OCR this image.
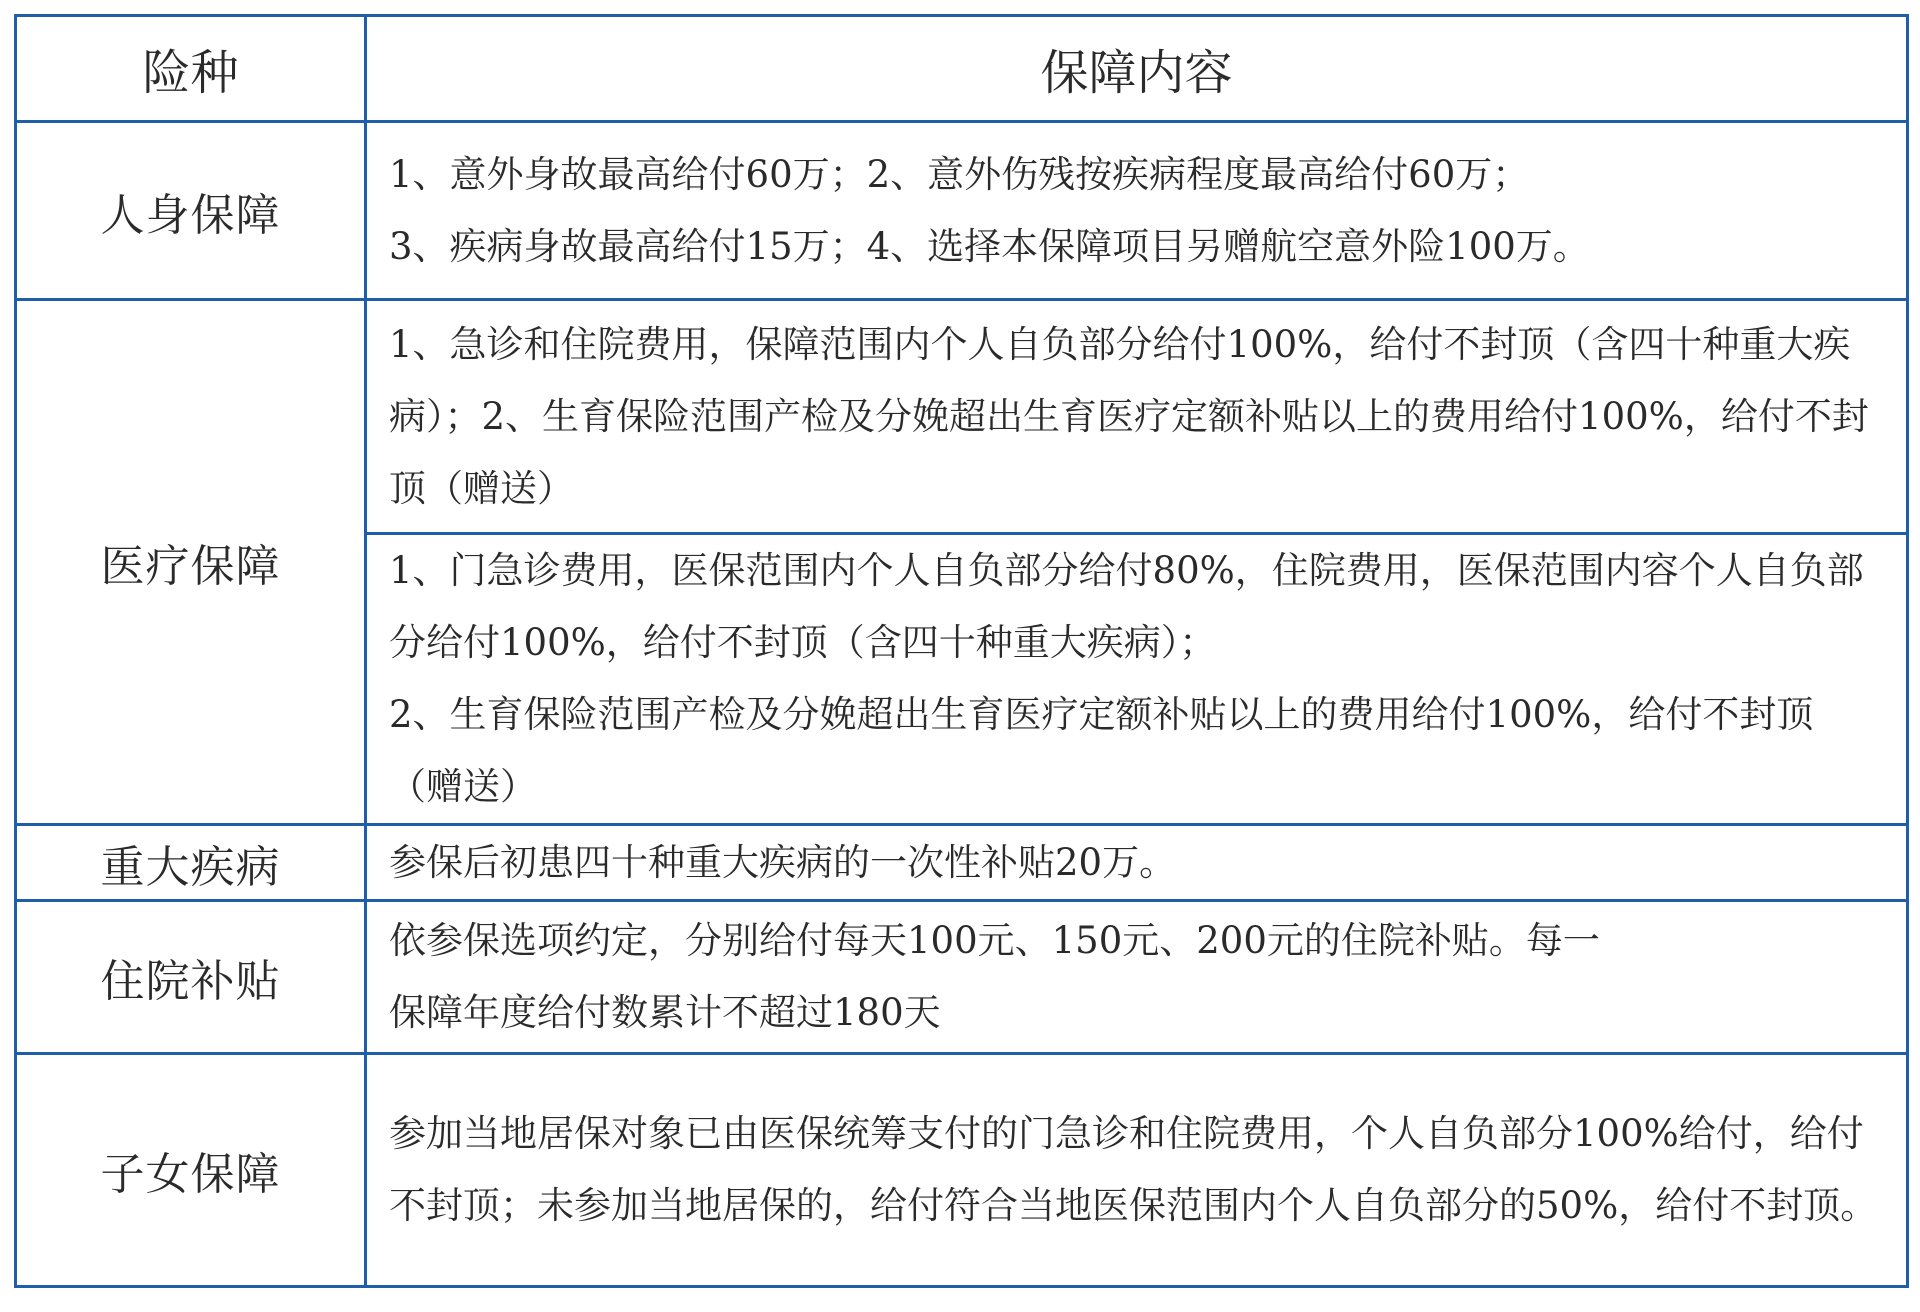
险种	保障内容
人身保障	1、意外身故最高给付60万；2、意外伤残按疾病程度最高给付60万；
3、疾病身故最高给付15万；4、选择本保障项目另赠航空意外险100万。

医疗保障	1、急诊和住院费用，保障范围内个人自负部分给付100%，给付不封顶（含四十种重大疾病）；2、生育保险范围产检及分娩超出生育医疗定额补贴以上的费用给付100%，给付不封顶（赠送）

	1、门急诊费用，医保范围内个人自负部分给付80%，住院费用，医保范围内容个人自负部分给付100%，给付不封顶（含四十种重大疾病）；
2、生育保险范围产检及分娩超出生育医疗定额补贴以上的费用给付100%，给付不封顶（赠送）

重大疾病	参保后初患四十种重大疾病的一次性补贴20万。

住院补贴	依参保选项约定，分别给付每天100元、150元、200元的住院补贴。每一
保障年度给付数累计不超过180天

子女保障	参加当地居保对象已由医保统筹支付的门急诊和住院费用，个人自负部分100%给付，给付不封顶；未参加当地居保的，给付符合当地医保范围内个人自负部分的50%，给付不封顶。
